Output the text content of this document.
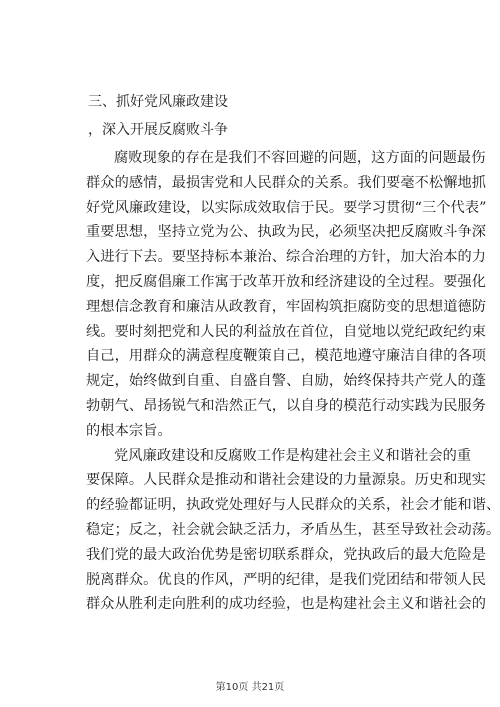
三、抓好党风廉政建设
，深入开展反腐败斗争
腐败现象的存在是我们不容回避的问题，这方面的问题最伤
群众的感情，最损害党和人民群众的关系。我们要毫不松懈地抓
好党风廉政建设，以实际成效取信于民。要学习贯彻“三个代表”
重要思想，坚持立党为公、执政为民，必须坚决把反腐败斗争深
入进行下去。要坚持标本兼治、综合治理的方针，加大治本的力
度，把反腐倡廉工作寓于改革开放和经济建设的全过程。要强化
理想信念教育和廉洁从政教育，牢固构筑拒腐防变的思想道德防
线。要时刻把党和人民的利益放在首位，自觉地以党纪政纪约束
自己，用群众的满意程度鞭策自己，模范地遵守廉洁自律的各项
规定，始终做到自重、自盛自警、自励，始终保持共产党人的蓬
勃朝气、昂扬锐气和浩然正气，以自身的模范行动实践为民服务
的根本宗旨。
党风廉政建设和反腐败工作是构建社会主义和谐社会的重
要保障。人民群众是推动和谐社会建设的力量源泉。历史和现实
的经验都证明，执政党处理好与人民群众的关系，社会才能和谐、
稳定；反之，社会就会缺乏活力，矛盾丛生，甚至导致社会动荡。
我们党的最大政治优势是密切联系群众，党执政后的最大危险是
脱离群众。优良的作风，严明的纪律，是我们党团结和带领人民
群众从胜利走向胜利的成功经验，也是构建社会主义和谐社会的
第10页 共21页
